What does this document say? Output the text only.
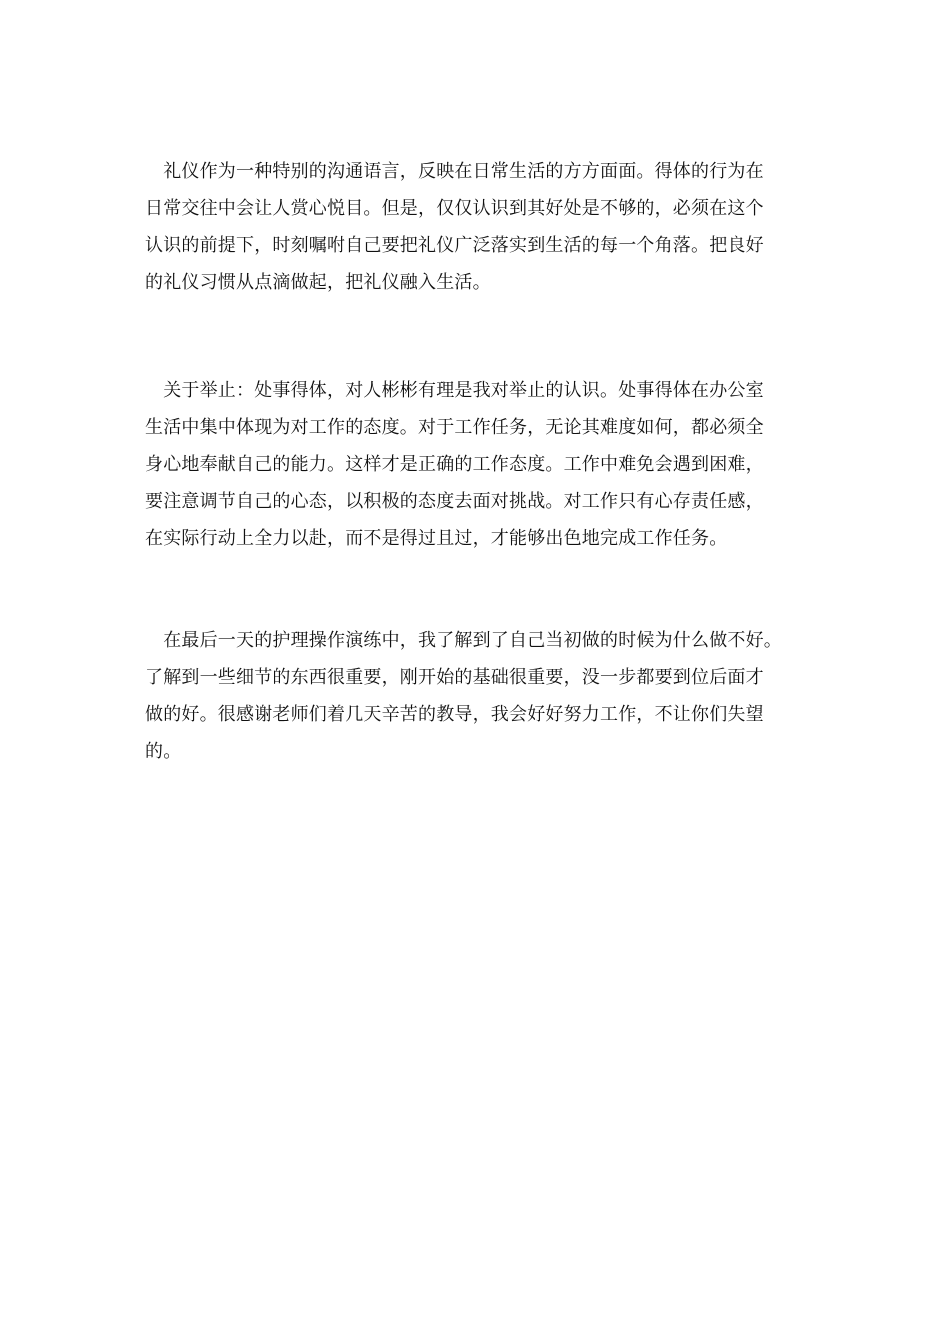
　礼仪作为一种特别的沟通语言，反映在日常生活的方方面面。得体的行为在
日常交往中会让人赏心悦目。但是，仅仅认识到其好处是不够的，必须在这个
认识的前提下，时刻嘱咐自己要把礼仪广泛落实到生活的每一个角落。把良好
的礼仪习惯从点滴做起，把礼仪融入生活。
　关于举止：处事得体，对人彬彬有理是我对举止的认识。处事得体在办公室
生活中集中体现为对工作的态度。对于工作任务，无论其难度如何，都必须全
身心地奉献自己的能力。这样才是正确的工作态度。工作中难免会遇到困难，
要注意调节自己的心态，以积极的态度去面对挑战。对工作只有心存责任感，
在实际行动上全力以赴，而不是得过且过，才能够出色地完成工作任务。
　在最后一天的护理操作演练中，我了解到了自己当初做的时候为什么做不好。
了解到一些细节的东西很重要，刚开始的基础很重要，没一步都要到位后面才
做的好。很感谢老师们着几天辛苦的教导，我会好好努力工作，不让你们失望
的。
